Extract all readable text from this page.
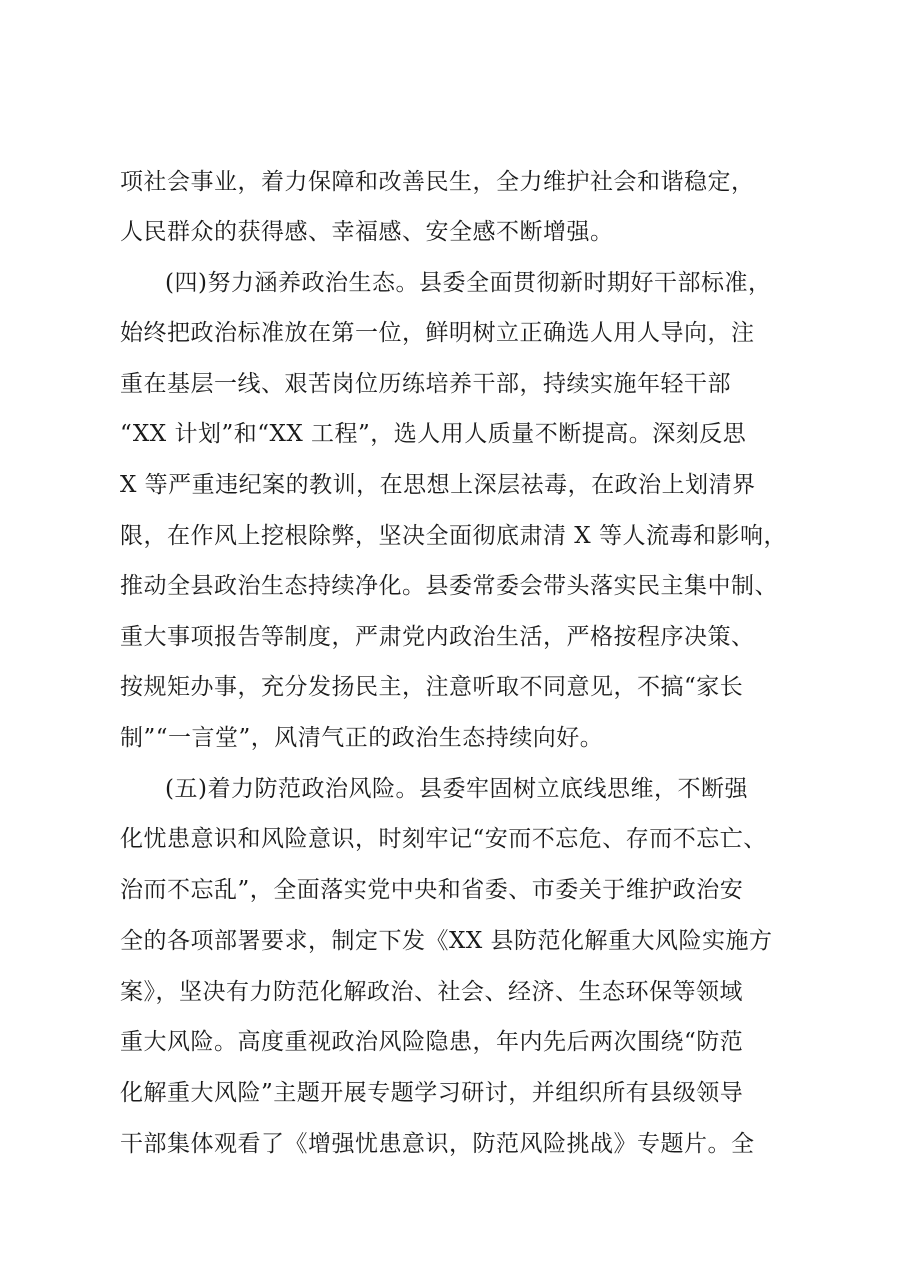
项社会事业，着力保障和改善民生，全力维护社会和谐稳定，
人民群众的获得感、幸福感、安全感不断增强。
(四)努力涵养政治生态。县委全面贯彻新时期好干部标准，
始终把政治标准放在第一位，鲜明树立正确选人用人导向，注
重在基层一线、艰苦岗位历练培养干部，持续实施年轻干部
“XX 计划”和“XX 工程”，选人用人质量不断提高。深刻反思
X 等严重违纪案的教训，在思想上深层祛毒，在政治上划清界
限，在作风上挖根除弊，坚决全面彻底肃清 X 等人流毒和影响，
推动全县政治生态持续净化。县委常委会带头落实民主集中制、
重大事项报告等制度，严肃党内政治生活，严格按程序决策、
按规矩办事，充分发扬民主，注意听取不同意见，不搞“家长
制”“一言堂”，风清气正的政治生态持续向好。
(五)着力防范政治风险。县委牢固树立底线思维，不断强
化忧患意识和风险意识，时刻牢记“安而不忘危、存而不忘亡、
治而不忘乱”，全面落实党中央和省委、市委关于维护政治安
全的各项部署要求，制定下发《XX 县防范化解重大风险实施方
案》，坚决有力防范化解政治、社会、经济、生态环保等领域
重大风险。高度重视政治风险隐患，年内先后两次围绕“防范
化解重大风险”主题开展专题学习研讨，并组织所有县级领导
干部集体观看了《增强忧患意识，防范风险挑战》专题片。全
